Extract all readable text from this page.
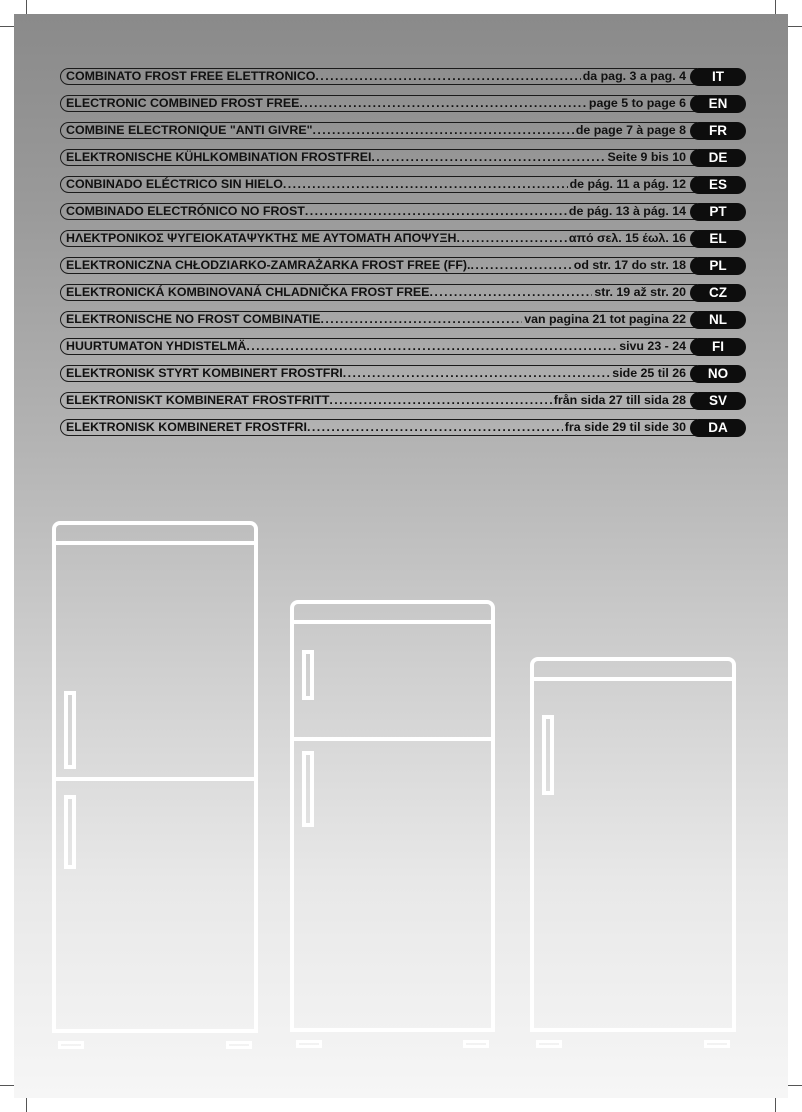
COMBINATO FROST FREE ELETTRONICO . . .	da pag. 3 a pag. 4	IT
ELECTRONIC COMBINED FROST FREE . . .	page 5 to page 6	EN
COMBINE ELECTRONIQUE "ANTI GIVRE" . . .	de page 7 à page 8	FR
ELEKTRONISCHE KÜHLKOMBINATION FROSTFREI . . .	Seite 9 bis 10	DE
CONBINADO ELÉCTRICO SIN HIELO . . .	de pág. 11 a pág. 12	ES
COMBINADO ELECTRÓNICO NO FROST . . .	de pág. 13 à pág. 14	PT
ΗΛΕΚΤΡΟΝΙΚΟΣ ΨΥΓΕΙΟΚΑΤΑΨΥΚΤΗΣ ΜΕ ΑΥΤΟΜΑΤΗ ΑΠΟΨΥΞΗ . . .	από σελ. 15 έωλ. 16	EL
ELEKTRONICZNA CHŁODZIARKO-ZAMRAŻARKA FROST FREE (FF). . . .	od str. 17 do str. 18	PL
ELEKTRONICKÁ KOMBINOVANÁ CHLADNIČKA FROST FREE . . .	str. 19 až str. 20	CZ
ELEKTRONISCHE NO FROST COMBINATIE . . .	van pagina 21 tot pagina 22	NL
HUURTUMATON YHDISTELMÄ . . .	sivu 23 - 24	FI
ELEKTRONISK STYRT KOMBINERT FROSTFRI . . .	side 25 til 26	NO
ELEKTRONISKT KOMBINERAT FROSTFRITT . . .	från sida 27 till sida 28	SV
ELEKTRONISK KOMBINERET FROSTFRI . . .	fra side 29 til side 30	DA
